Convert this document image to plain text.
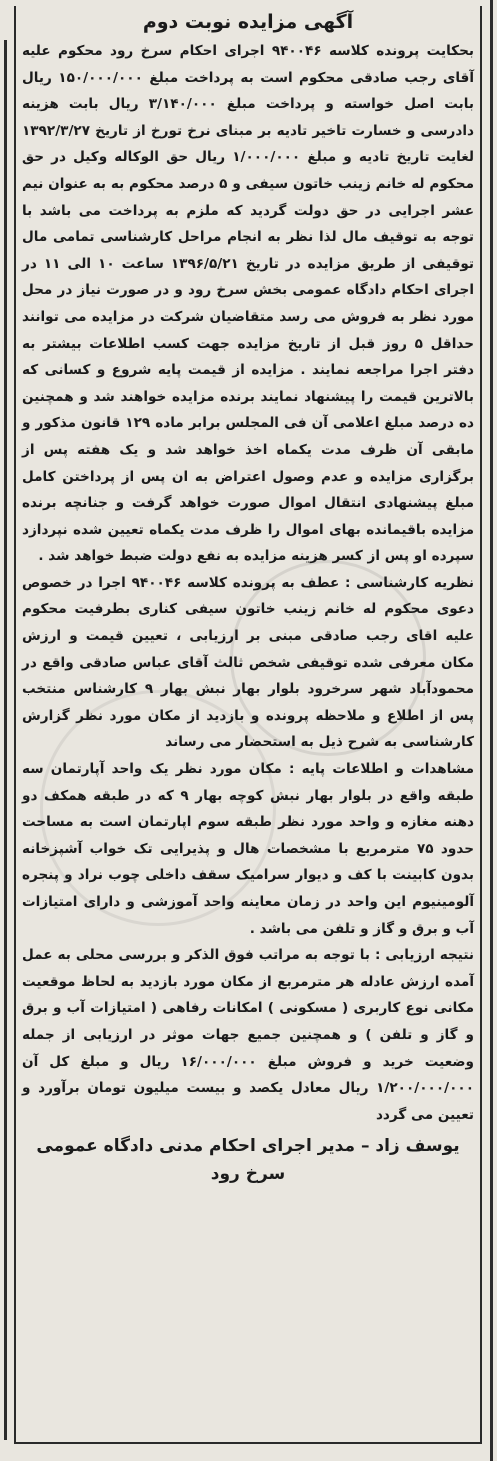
آگهی مزایده نوبت دوم

بحکایت پرونده کلاسه ۹۴۰۰۴۶ اجرای احکام سرخ رود محکوم علیه آقای رجب صادقی محکوم است به پرداخت مبلغ ۱۵۰/۰۰۰/۰۰۰ ریال بابت اصل خواسته و پرداخت مبلغ ۳/۱۴۰/۰۰۰ ریال بابت هزینه دادرسی و خسارت تاخیر تادیه بر مبنای نرخ تورخ از تاریخ ۱۳۹۲/۳/۲۷ لغایت تاریخ تادیه و مبلغ ۱/۰۰۰/۰۰۰ ریال حق الوکاله وکیل در حق محکوم له خانم زینب خاتون سیفی و ۵ درصد محکوم به به عنوان نیم عشر اجرایی در حق دولت گردید که ملزم به پرداخت می باشد با توجه به توقیف مال لذا نظر به انجام مراحل کارشناسی تمامی مال توقیفی از طریق مزایده در تاریخ ۱۳۹۶/۵/۲۱ ساعت ۱۰ الی ۱۱ در اجرای احکام دادگاه عمومی بخش سرخ رود و در صورت نیاز در محل مورد نظر به فروش می رسد متقاضیان شرکت در مزایده می توانند حداقل ۵ روز قبل از تاریخ مزایده جهت کسب اطلاعات بیشتر به دفتر اجرا مراجعه نمایند . مزایده از قیمت پایه شروع و کسانی که بالاترین قیمت را پیشنهاد نمایند برنده مزایده خواهند شد و همچنین ده درصد مبلغ اعلامی آن فی المجلس برابر ماده ۱۲۹ قانون مذکور و مابقی آن ظرف مدت یکماه اخذ خواهد شد و یک هفته پس از برگزاری مزایده و عدم وصول اعتراض به ان پس از پرداختن کامل مبلغ پیشنهادی انتقال اموال صورت خواهد گرفت و جنانچه برنده مزایده باقیمانده بهای اموال را ظرف مدت یکماه تعیین شده نپردازد سپرده او پس از کسر هزینه مزایده به نفع دولت ضبط خواهد شد .

نظریه کارشناسی : عطف به پرونده کلاسه ۹۴۰۰۴۶ اجرا در خصوص دعوی محکوم له خانم زینب خاتون سیفی کناری بطرفیت محکوم علیه اقای رجب صادقی مبنی بر ارزیابی ، تعیین قیمت و ارزش مکان معرفی شده توقیفی شخص ثالث آقای عباس صادقی واقع در محمودآباد شهر سرخرود بلوار بهار نبش بهار ۹ کارشناس منتخب پس از اطلاع و ملاحظه پرونده و بازدید از مکان مورد نظر گزارش کارشناسی به شرح ذیل به استحضار می رساند

مشاهدات و اطلاعات پایه : مکان مورد نظر یک واحد آپارتمان سه طبقه واقع در بلوار بهار نبش کوچه بهار ۹ که در طبقه همکف دو دهنه مغازه و واحد مورد نظر طبقه سوم اپارتمان است به مساحت حدود ۷۵ مترمربع با مشخصات هال و پذیرایی تک خواب آشپزخانه بدون کابینت با کف و دیوار سرامیک سقف داخلی چوب نراد و پنجره آلومینیوم این واحد در زمان معاینه واحد آموزشی و دارای امتیازات آب و برق و گاز و تلفن می باشد .

نتیجه ارزیابی : با توجه به مراتب فوق الذکر و بررسی محلی به عمل آمده ارزش عادله هر مترمربع از مکان مورد بازدید به لحاظ موقعیت مکانی نوع کاربری ( مسکونی ) امکانات رفاهی ( امتیازات آب و برق و گاز و تلفن ) و همچنین جمیع جهات موثر در ارزیابی از جمله وضعیت خرید و فروش مبلغ ۱۶/۰۰۰/۰۰۰ ریال و مبلغ کل آن ۱/۲۰۰/۰۰۰/۰۰۰ ریال معادل یکصد و بیست میلیون تومان برآورد و تعیین می گردد

یوسف زاد – مدیر اجرای احکام مدنی دادگاه عمومی سرخ رود
